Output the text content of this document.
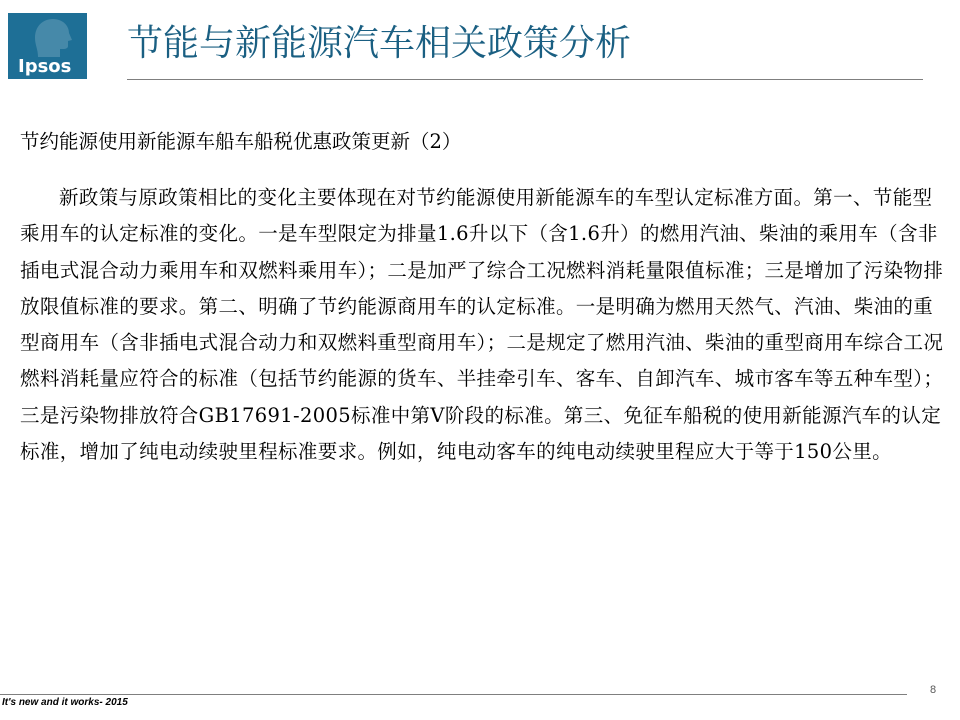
Ipsos
节能与新能源汽车相关政策分析
节约能源使用新能源车船车船税优惠政策更新（2）

新政策与原政策相比的变化主要体现在对节约能源使用新能源车的车型认定标准方面。第一、节能型乘用车的认定标准的变化。一是车型限定为排量1.6升以下（含1.6升）的燃用汽油、柴油的乘用车（含非插电式混合动力乘用车和双燃料乘用车）；二是加严了综合工况燃料消耗量限值标准；三是增加了污染物排放限值标准的要求。第二、明确了节约能源商用车的认定标准。一是明确为燃用天然气、汽油、柴油的重型商用车（含非插电式混合动力和双燃料重型商用车）；二是规定了燃用汽油、柴油的重型商用车综合工况燃料消耗量应符合的标准（包括节约能源的货车、半挂牵引车、客车、自卸汽车、城市客车等五种车型）；三是污染物排放符合GB17691-2005标准中第V阶段的标准。第三、免征车船税的使用新能源汽车的认定标准，增加了纯电动续驶里程标准要求。例如，纯电动客车的纯电动续驶里程应大于等于150公里。

It's new and it works- 2015
8
